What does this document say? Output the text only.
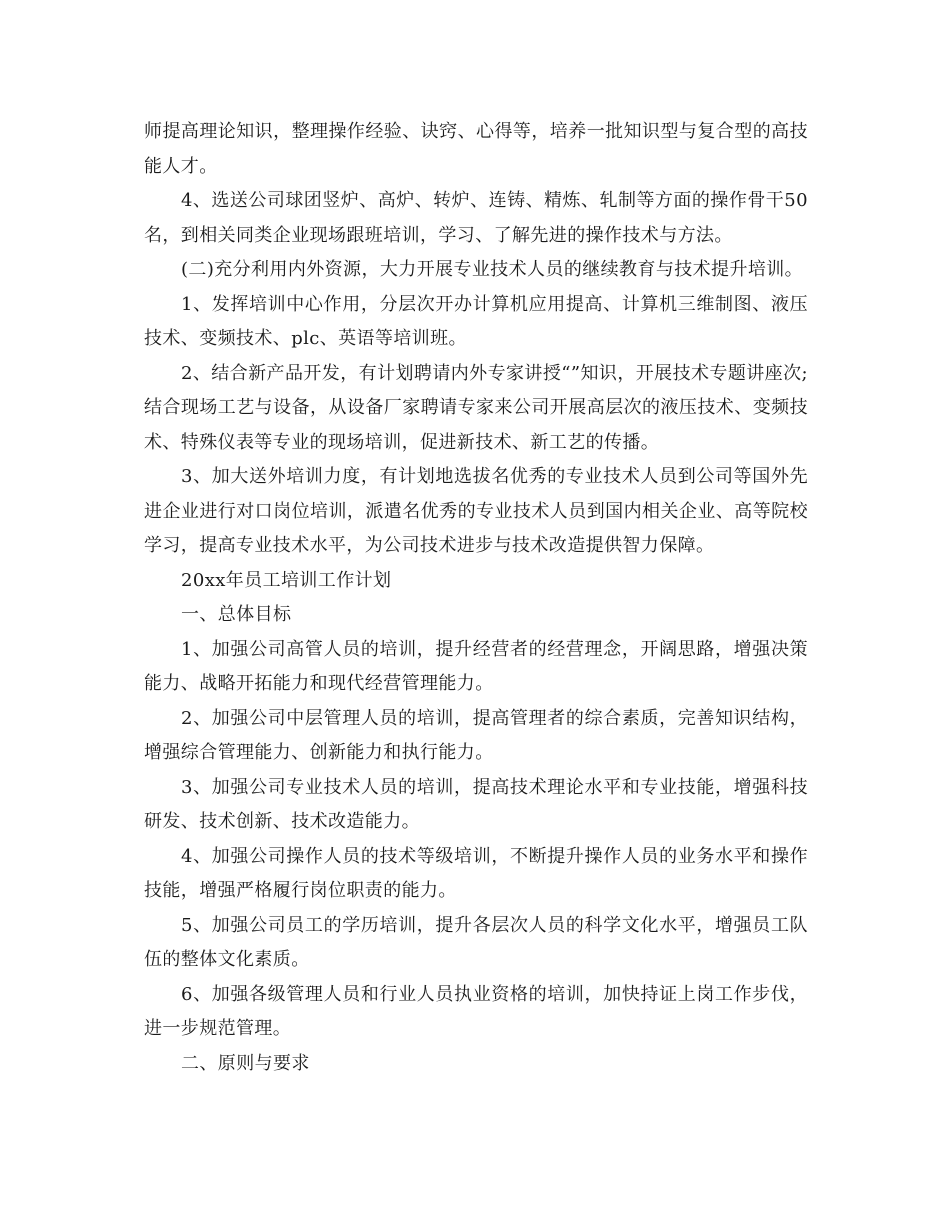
师提高理论知识，整理操作经验、诀窍、心得等，培养一批知识型与复合型的高技能人才。

4、选送公司球团竖炉、高炉、转炉、连铸、精炼、轧制等方面的操作骨干50名，到相关同类企业现场跟班培训，学习、了解先进的操作技术与方法。

(二)充分利用内外资源，大力开展专业技术人员的继续教育与技术提升培训。

1、发挥培训中心作用，分层次开办计算机应用提高、计算机三维制图、液压技术、变频技术、plc、英语等培训班。

2、结合新产品开发，有计划聘请内外专家讲授“”知识，开展技术专题讲座次;结合现场工艺与设备，从设备厂家聘请专家来公司开展高层次的液压技术、变频技术、特殊仪表等专业的现场培训，促进新技术、新工艺的传播。

3、加大送外培训力度，有计划地选拔名优秀的专业技术人员到公司等国外先进企业进行对口岗位培训，派遣名优秀的专业技术人员到国内相关企业、高等院校学习，提高专业技术水平，为公司技术进步与技术改造提供智力保障。

20xx年员工培训工作计划

一、总体目标

1、加强公司高管人员的培训，提升经营者的经营理念，开阔思路，增强决策能力、战略开拓能力和现代经营管理能力。

2、加强公司中层管理人员的培训，提高管理者的综合素质，完善知识结构，增强综合管理能力、创新能力和执行能力。

3、加强公司专业技术人员的培训，提高技术理论水平和专业技能，增强科技研发、技术创新、技术改造能力。

4、加强公司操作人员的技术等级培训，不断提升操作人员的业务水平和操作技能，增强严格履行岗位职责的能力。

5、加强公司员工的学历培训，提升各层次人员的科学文化水平，增强员工队伍的整体文化素质。

6、加强各级管理人员和行业人员执业资格的培训，加快持证上岗工作步伐，进一步规范管理。

二、原则与要求
